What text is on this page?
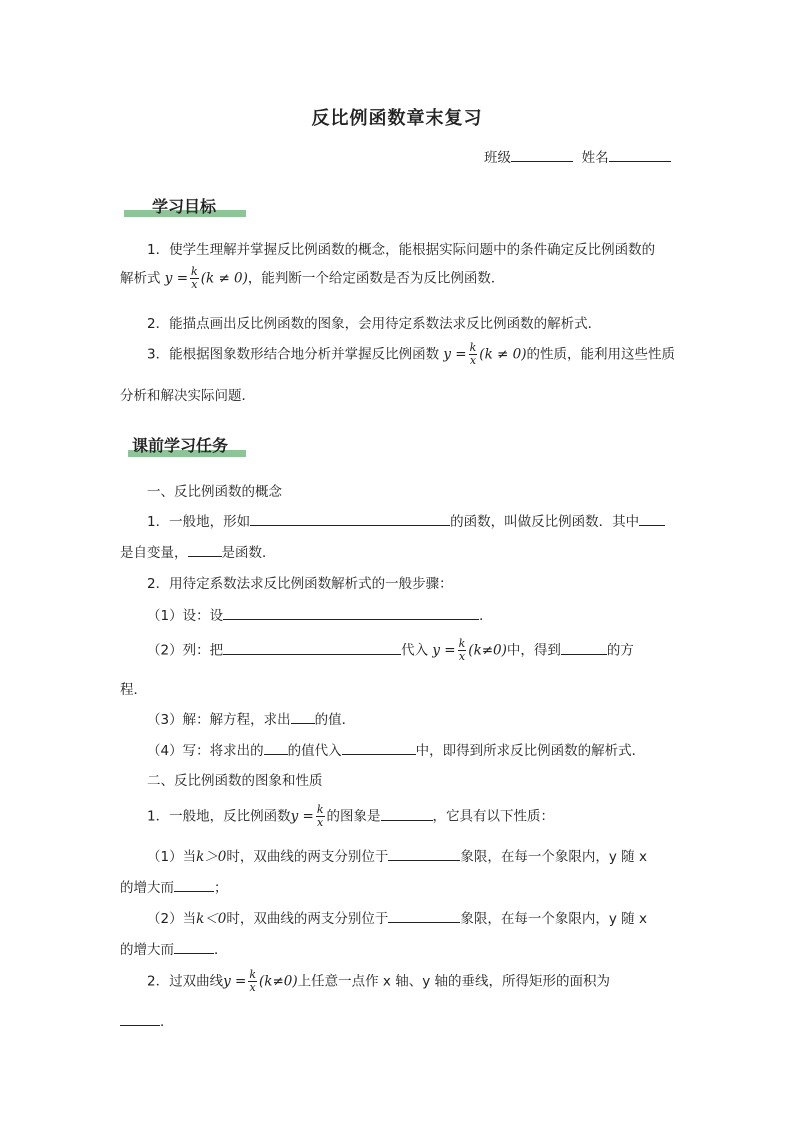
反比例函数章末复习
班级	姓名
学习目标
1．使学生理解并掌握反比例函数的概念，能根据实际问题中的条件确定反比例函数的
解析式 $y = \frac{k}{x} (k \ne 0)$，能判断一个给定函数是否为反比例函数．
2．能描点画出反比例函数的图象，会用待定系数法求反比例函数的解析式．
3．能根据图象数形结合地分析并掌握反比例函数 $y = \frac{k}{x} (k \ne 0)$的性质，能利用这些性质
分析和解决实际问题．
课前学习任务
一、反比例函数的概念
1．一般地，形如	的函数，叫做反比例函数．其中
是自变量，	是函数．
2．用待定系数法求反比例函数解析式的一般步骤：
（1）设：设	．
（2）列：把	代入 $y = \frac{k}{x} (k\ne 0)$中，得到	的方
程．
（3）解：解方程，求出 的值．
（4）写：将求出的 的值代入	中，即得到所求反比例函数的解析式．
二、反比例函数的图象和性质
1．一般地，反比例函数$y = \frac{k}{x}$ 的图象是	，它具有以下性质：
（1）当k＞0时，双曲线的两支分别位于	象限，在每一个象限内，y 随 x
的增大而	；
（2）当k＜0时，双曲线的两支分别位于	象限，在每一个象限内，y 随 x
的增大而	．
2．过双曲线$y = \frac{k}{x} (k\ne 0)$上任意一点作 x 轴、y 轴的垂线，所得矩形的面积为
．
